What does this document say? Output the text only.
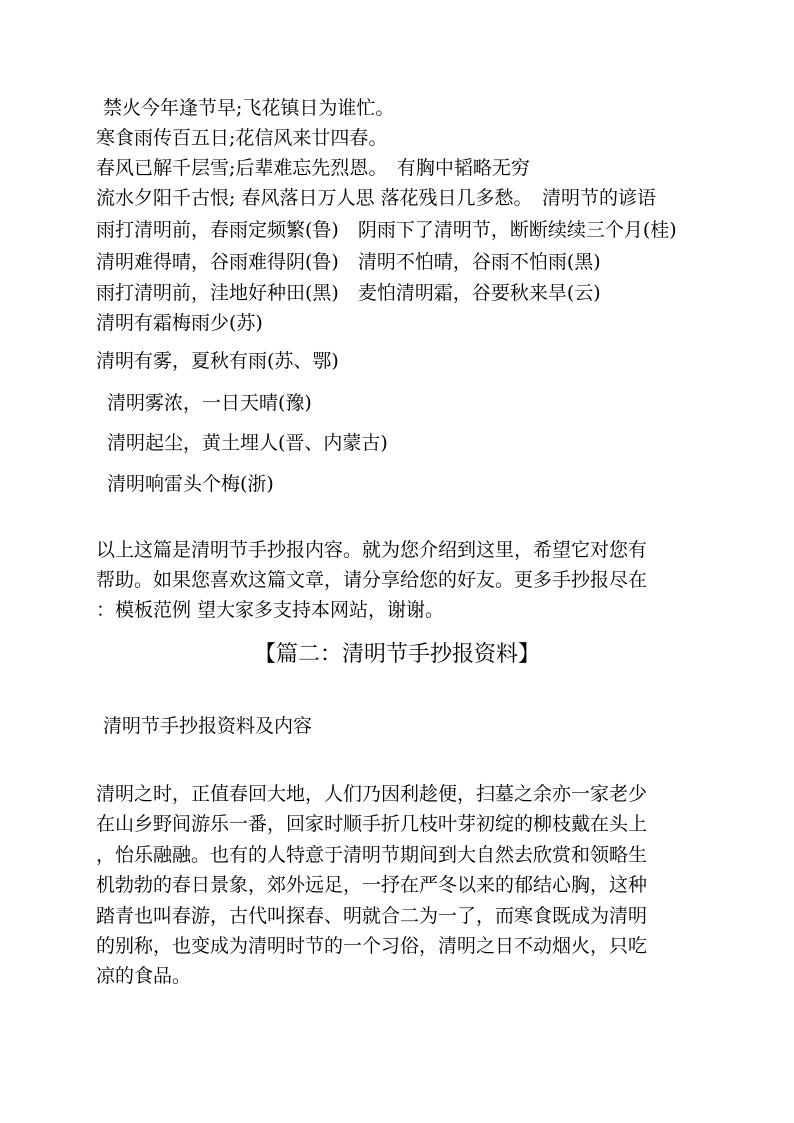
禁火今年逢节早;飞花镇日为谁忙。
寒食雨传百五日;花信风来廿四春。
春风已解千层雪;后辈难忘先烈恩。　有胸中韬略无穷
流水夕阳千古恨; 春风落日万人思 落花残日几多愁。　清明节的谚语
雨打清明前，春雨定频繁(鲁)　阴雨下了清明节，断断续续三个月(桂)
清明难得晴，谷雨难得阴(鲁)　清明不怕晴，谷雨不怕雨(黑)
雨打清明前，洼地好种田(黑)　麦怕清明霜，谷要秋来旱(云)
清明有霜梅雨少(苏)
清明有雾，夏秋有雨(苏、鄂)
清明雾浓，一日天晴(豫)
清明起尘，黄土埋人(晋、内蒙古)
清明响雷头个梅(浙)
以上这篇是清明节手抄报内容。就为您介绍到这里，希望它对您有
帮助。如果您喜欢这篇文章，请分享给您的好友。更多手抄报尽在
：模板范例 望大家多支持本网站，谢谢。
【篇二：清明节手抄报资料】
清明节手抄报资料及内容
清明之时，正值春回大地，人们乃因利趁便，扫墓之余亦一家老少
在山乡野间游乐一番，回家时顺手折几枝叶芽初绽的柳枝戴在头上
，怡乐融融。也有的人特意于清明节期间到大自然去欣赏和领略生
机勃勃的春日景象，郊外远足，一抒在严冬以来的郁结心胸，这种
踏青也叫春游，古代叫探春、明就合二为一了，而寒食既成为清明
的别称，也变成为清明时节的一个习俗，清明之日不动烟火，只吃
凉的食品。
